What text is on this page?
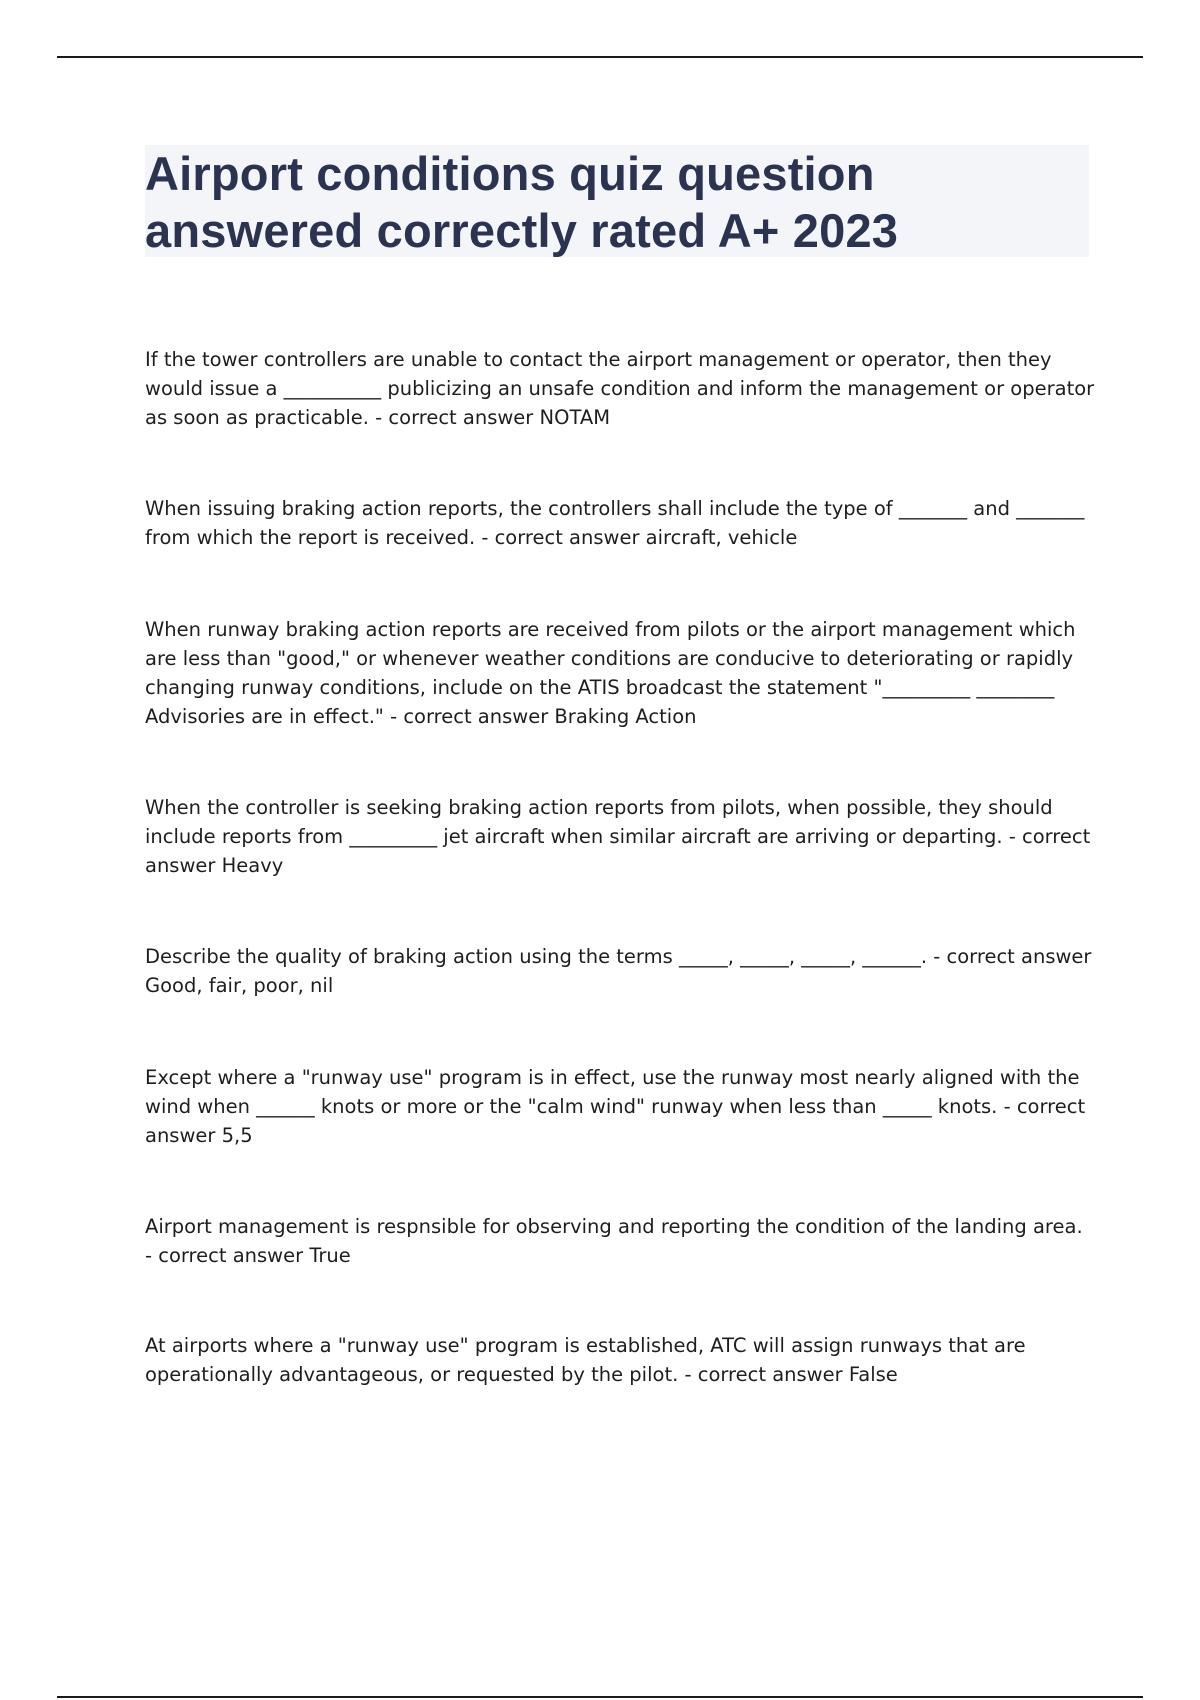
Airport conditions quiz question answered correctly rated A+ 2023

If the tower controllers are unable to contact the airport management or operator, then they would issue a __________ publicizing an unsafe condition and inform the management or operator as soon as practicable. - correct answer NOTAM

When issuing braking action reports, the controllers shall include the type of _______ and _______ from which the report is received. - correct answer aircraft, vehicle

When runway braking action reports are received from pilots or the airport management which are less than "good," or whenever weather conditions are conducive to deteriorating or rapidly changing runway conditions, include on the ATIS broadcast the statement "_________ ________ Advisories are in effect." - correct answer Braking Action

When the controller is seeking braking action reports from pilots, when possible, they should include reports from _________ jet aircraft when similar aircraft are arriving or departing. - correct answer Heavy

Describe the quality of braking action using the terms _____, _____, _____, ______. - correct answer Good, fair, poor, nil

Except where a "runway use" program is in effect, use the runway most nearly aligned with the wind when ______ knots or more or the "calm wind" runway when less than _____ knots. - correct answer 5,5

Airport management is respnsible for observing and reporting the condition of the landing area. - correct answer True

At airports where a "runway use" program is established, ATC will assign runways that are operationally advantageous, or requested by the pilot. - correct answer False
